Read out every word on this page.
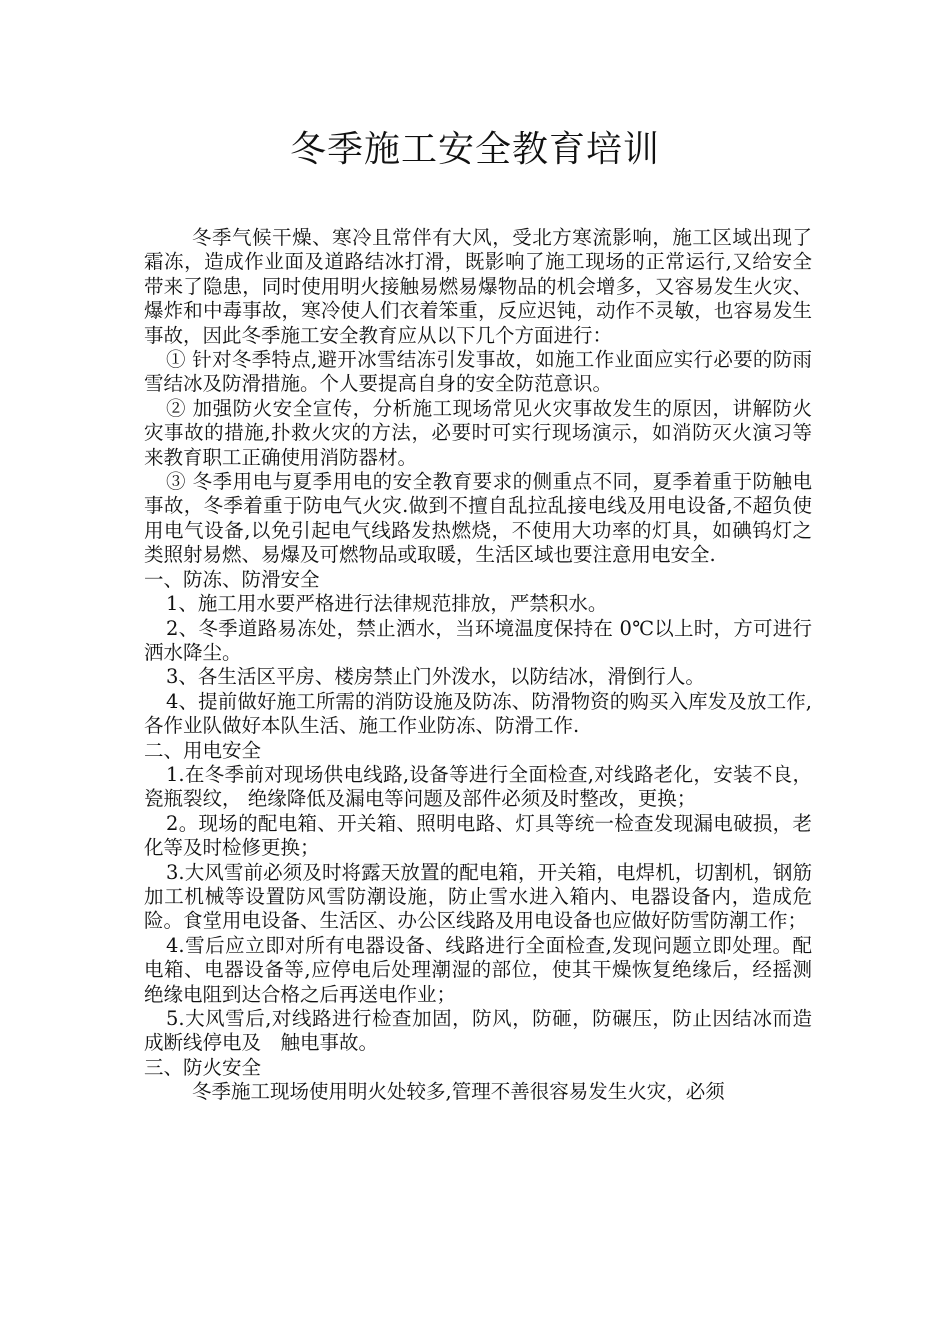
冬季施工安全教育培训

冬季气候干燥、寒冷且常伴有大风，受北方寒流影响，施工区域出现了霜冻，造成作业面及道路结冰打滑，既影响了施工现场的正常运行,又给安全带来了隐患，同时使用明火接触易燃易爆物品的机会增多，又容易发生火灾、爆炸和中毒事故，寒冷使人们衣着笨重，反应迟钝，动作不灵敏，也容易发生事故，因此冬季施工安全教育应从以下几个方面进行：

① 针对冬季特点,避开冰雪结冻引发事故，如施工作业面应实行必要的防雨雪结冰及防滑措施。个人要提高自身的安全防范意识。

② 加强防火安全宣传，分析施工现场常见火灾事故发生的原因，讲解防火灾事故的措施,扑救火灾的方法，必要时可实行现场演示，如消防灭火演习等来教育职工正确使用消防器材。

③ 冬季用电与夏季用电的安全教育要求的侧重点不同，夏季着重于防触电事故，冬季着重于防电气火灾.做到不擅自乱拉乱接电线及用电设备,不超负使用电气设备,以免引起电气线路发热燃烧，不使用大功率的灯具，如碘钨灯之类照射易燃、易爆及可燃物品或取暖，生活区域也要注意用电安全.

一、防冻、防滑安全

1、施工用水要严格进行法律规范排放，严禁积水。

2、冬季道路易冻处，禁止洒水，当环境温度保持在 0℃以上时，方可进行洒水降尘。

3、各生活区平房、楼房禁止门外泼水，以防结冰，滑倒行人。

4、提前做好施工所需的消防设施及防冻、防滑物资的购买入库发及放工作,各作业队做好本队生活、施工作业防冻、防滑工作.

二、用电安全

1.在冬季前对现场供电线路,设备等进行全面检查,对线路老化，安装不良，瓷瓶裂纹， 绝缘降低及漏电等问题及部件必须及时整改，更换；

2。现场的配电箱、开关箱、照明电路、灯具等统一检查发现漏电破损，老化等及时检修更换；

3.大风雪前必须及时将露天放置的配电箱，开关箱，电焊机，切割机，钢筋加工机械等设置防风雪防潮设施，防止雪水进入箱内、电器设备内，造成危险。食堂用电设备、生活区、办公区线路及用电设备也应做好防雪防潮工作；

4.雪后应立即对所有电器设备、线路进行全面检查,发现问题立即处理。配电箱、电器设备等,应停电后处理潮湿的部位，使其干燥恢复绝缘后，经摇测绝缘电阻到达合格之后再送电作业；

5.大风雪后,对线路进行检查加固，防风，防砸，防碾压，防止因结冰而造成断线停电及　触电事故。

三、防火安全

冬季施工现场使用明火处较多,管理不善很容易发生火灾，必须
